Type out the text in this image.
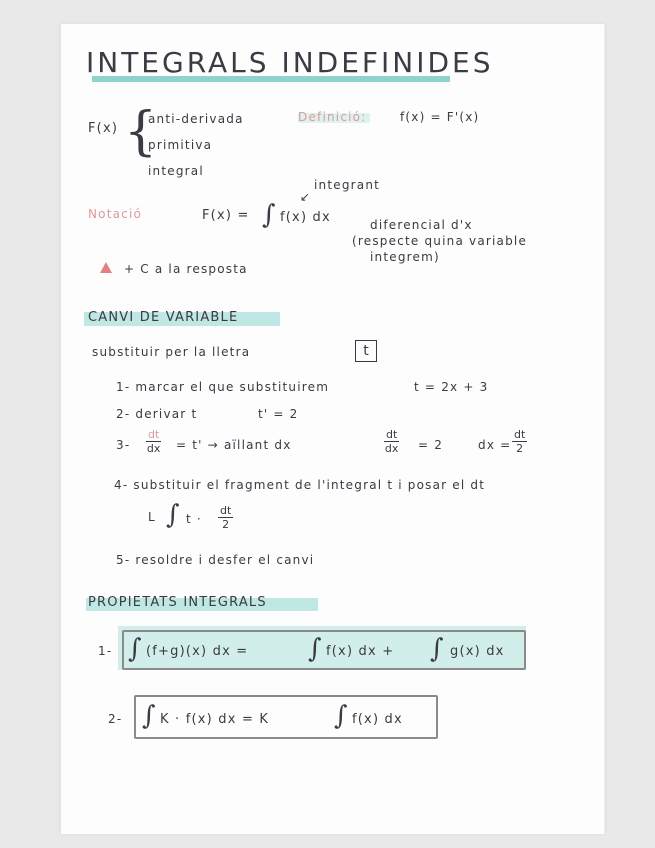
INTEGRALS INDEFINIDES
F(x) {
anti-derivada
primitiva
integral
Definició:	f(x) = F'(x)
integrant
↙
Notació	F(x) = ∫ f(x) dx	diferencial d'x
(respecte quina variable
integrem)
+ C a la resposta
CANVI DE VARIABLE
substituir per la lletra	t
1- marcar el que substituirem	t = 2x + 3
2- derivar t	t' = 2
$3- \frac{dt}{dx} = t'$ → aïllant dx	$\frac{dt}{dx} = 2$	dx = $\frac{dt}{2}$
4- substituir el fragment de l'integral t i posar el dt
L ∫ $t \cdot \frac{dt}{2}$
5- resoldre i desfer el canvi
PROPIETATS INTEGRALS
1- ∫ (f+g)(x) dx = ∫ f(x) dx + ∫ g(x) dx
2- ∫ K · f(x) dx = K ∫ f(x) dx
